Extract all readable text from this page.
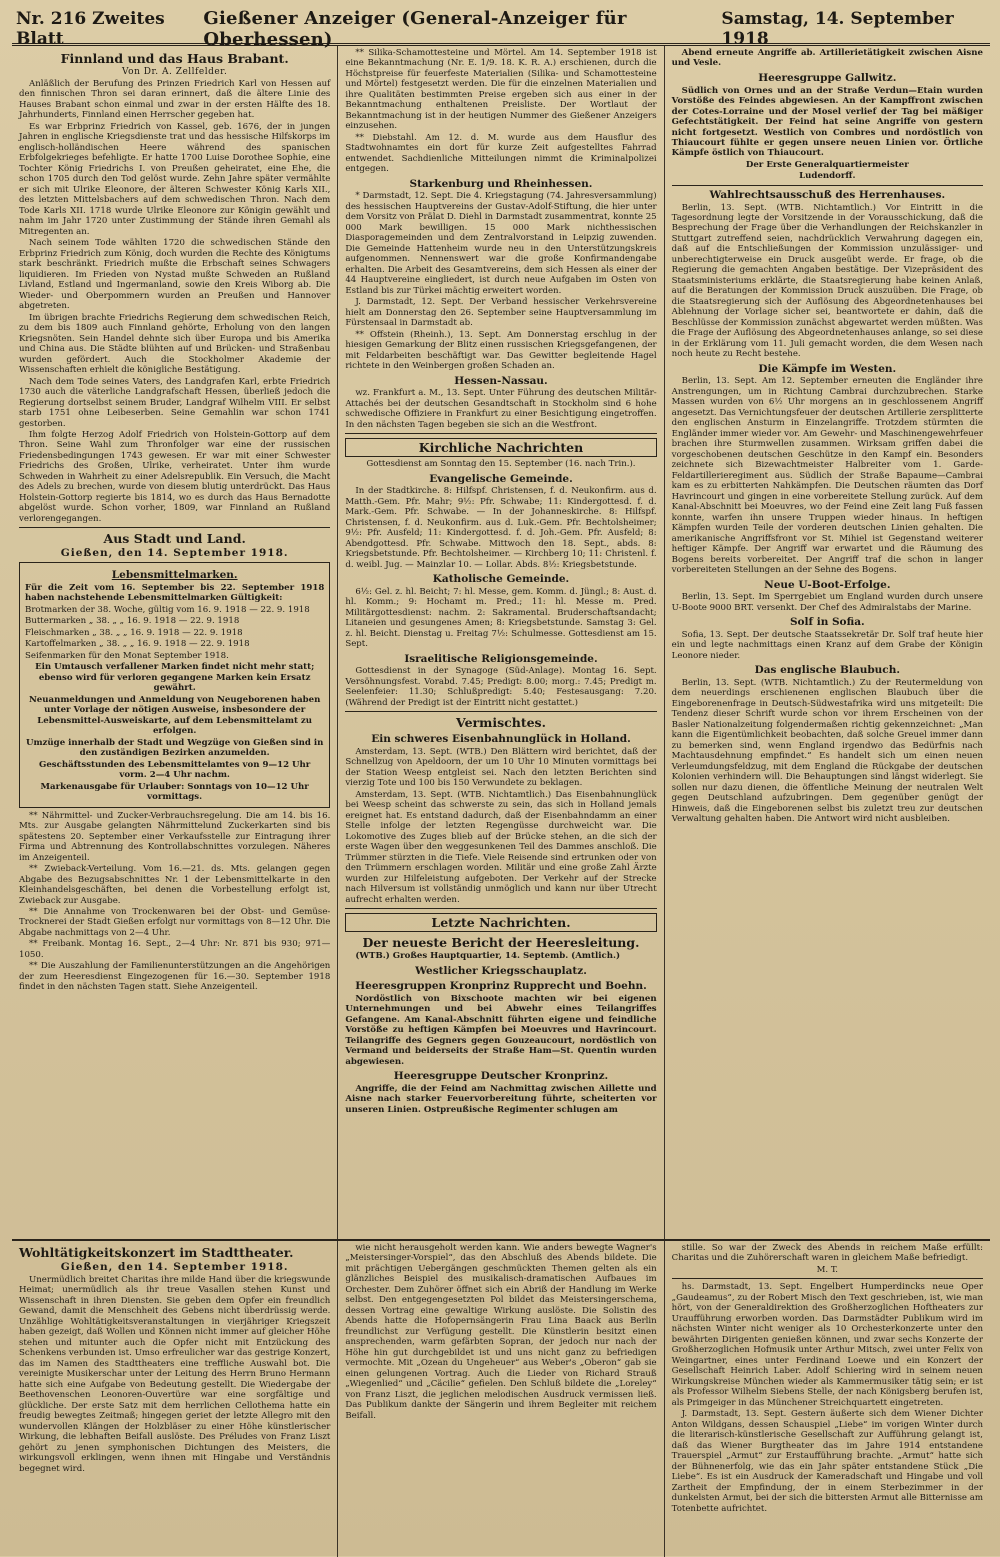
Nr. 216 Zweites Blatt
Gießener Anzeiger (General-Anzeiger für Oberhessen)
Samstag, 14. September 1918
Finnland und das Haus Brabant.
Von Dr. A. Zellfelder.

Anläßlich der Berufung des Prinzen Friedrich Karl von Hessen auf den finnischen Thron sei daran erinnert, daß die ältere Linie des Hauses Brabant schon einmal und zwar in der ersten Hälfte des 18. Jahrhunderts, Finnland einen Herrscher gegeben hat.

Es war Erbprinz Friedrich von Kassel, geb. 1676, der in jungen Jahren in englische Kriegsdienste trat und das hessische Hilfskorps im englisch-holländischen Heere während des spanischen Erbfolgekrieges befehligte. Er hatte 1700 Luise Dorothee Sophie, eine Tochter König Friedrichs I. von Preußen geheiratet, eine Ehe, die schon 1705 durch den Tod gelöst wurde. Zehn Jahre später vermählte er sich mit Ulrike Eleonore, der älteren Schwester König Karls XII., des letzten Mittelsbachers auf dem schwedischen Thron. Nach dem Tode Karls XII. 1718 wurde Ulrike Eleonore zur Königin gewählt und nahm im Jahr 1720 unter Zustimmung der Stände ihren Gemahl als Mitregenten an.

Nach seinem Tode wählten 1720 die schwedischen Stände den Erbprinz Friedrich zum König, doch wurden die Rechte des Königtums stark beschränkt. Friedrich mußte die Erbschaft seines Schwagers liquidieren. Im Frieden von Nystad mußte Schweden an Rußland Livland, Estland und Ingermanland, sowie den Kreis Wiborg ab. Die Wieder- und Oberpommern wurden an Preußen und Hannover abgetreten.

Im übrigen brachte Friedrichs Regierung dem schwedischen Reich, zu dem bis 1809 auch Finnland gehörte, Erholung von den langen Kriegsnöten. Sein Handel dehnte sich über Europa und bis Amerika und China aus. Die Städte blühten auf und Brücken- und Straßenbau wurden gefördert. Auch die Stockholmer Akademie der Wissenschaften erhielt die königliche Bestätigung.

Nach dem Tode seines Vaters, des Landgrafen Karl, erbte Friedrich 1730 auch die väterliche Landgrafschaft Hessen, überließ jedoch die Regierung dortselbst seinem Bruder, Landgraf Wilhelm VIII. Er selbst starb 1751 ohne Leibeserben. Seine Gemahlin war schon 1741 gestorben.

Ihm folgte Herzog Adolf Friedrich von Holstein-Gottorp auf dem Thron. Seine Wahl zum Thronfolger war eine der russischen Friedensbedingungen 1743 gewesen. Er war mit einer Schwester Friedrichs des Großen, Ulrike, verheiratet. Unter ihm wurde Schweden in Wahrheit zu einer Adelsrepublik. Ein Versuch, die Macht des Adels zu brechen, wurde von diesem blutig unterdrückt. Das Haus Holstein-Gottorp regierte bis 1814, wo es durch das Haus Bernadotte abgelöst wurde. Schon vorher, 1809, war Finnland an Rußland verlorengegangen.

Aus Stadt und Land.
Gießen, den 14. September 1918.
Lebensmittelmarken.

Für die Zeit vom 16. September bis 22. September 1918 haben nachstehende Lebensmittelmarken Gültigkeit:

Brotmarken der 38. Woche, gültig vom 16. 9. 1918 — 22. 9. 1918

Buttermarken „ 38. „ „ 16. 9. 1918 — 22. 9. 1918

Fleischmarken „ 38. „ „ 16. 9. 1918 — 22. 9. 1918

Kartoffelmarken „ 38. „ „ 16. 9. 1918 — 22. 9. 1918

Seifenmarken für den Monat September 1918.

Ein Umtausch verfallener Marken findet nicht mehr statt; ebenso wird für verloren gegangene Marken kein Ersatz gewährt.

Neuanmeldungen und Anmeldung von Neugeborenen haben unter Vorlage der nötigen Ausweise, insbesondere der Lebensmittel-Ausweiskarte, auf dem Lebensmittelamt zu erfolgen.

Umzüge innerhalb der Stadt und Wegzüge von Gießen sind in den zuständigen Bezirken anzumelden.

Geschäftsstunden des Lebensmittelamtes von 9—12 Uhr vorm. 2—4 Uhr nachm.

Markenausgabe für Urlauber: Sonntags von 10—12 Uhr vormittags.

** Nährmittel- und Zucker-Verbrauchsregelung. Die am 14. bis 16. Mts. zur Ausgabe gelangten Nährmittelund Zuckerkarten sind bis spätestens 20. September einer Verkaufsstelle zur Eintragung ihrer Firma und Abtrennung des Kontrollabschnittes vorzulegen. Näheres im Anzeigenteil.

** Zwieback-Verteilung. Vom 16.—21. ds. Mts. gelangen gegen Abgabe des Bezugsabschnittes Nr. 1 der Lebensmittelkarte in den Kleinhandelsgeschäften, bei denen die Vorbestellung erfolgt ist, Zwieback zur Ausgabe.

** Die Annahme von Trockenwaren bei der Obst- und Gemüse-Trocknerei der Stadt Gießen erfolgt nur vormittags von 8—12 Uhr. Die Abgabe nachmittags von 2—4 Uhr.

** Freibank. Montag 16. Sept., 2—4 Uhr: Nr. 871 bis 930; 971—1050.

** Die Auszahlung der Familienunterstützungen an die Angehörigen der zum Heeresdienst Eingezogenen für 16.—30. September 1918 findet in den nächsten Tagen statt. Siehe Anzeigenteil.

** Silika-Schamottesteine und Mörtel. Am 14. September 1918 ist eine Bekanntmachung (Nr. E. 1/9. 18. K. R. A.) erschienen, durch die Höchstpreise für feuerfeste Materialien (Silika- und Schamottesteine und Mörtel) festgesetzt werden. Die für die einzelnen Materialien und ihre Qualitäten bestimmten Preise ergeben sich aus einer in der Bekanntmachung enthaltenen Preisliste. Der Wortlaut der Bekanntmachung ist in der heutigen Nummer des Gießener Anzeigers einzusehen.

** Diebstahl. Am 12. d. M. wurde aus dem Hausflur des Stadtwohnamtes ein dort für kurze Zeit aufgestelltes Fahrrad entwendet. Sachdienliche Mitteilungen nimmt die Kriminalpolizei entgegen.

Starkenburg und Rheinhessen.

* Darmstadt, 12. Sept. Die 4. Kriegstagung (74. Jahresversammlung) des hessischen Hauptvereins der Gustav-Adolf-Stiftung, die hier unter dem Vorsitz von Prälat D. Diehl in Darmstadt zusammentrat, konnte 25 000 Mark bewilligen. 15 000 Mark nichthessischen Diasporagemeinden und dem Zentralvorstand in Leipzig zuwenden. Die Gemeinde Hattenheim wurde neu in den Unterstützungskreis aufgenommen. Nennenswert war die große Konfirmandengabe erhalten. Die Arbeit des Gesamtvereins, dem sich Hessen als einer der 44 Hauptvereine eingliedert, ist durch neue Aufgaben im Osten von Estland bis zur Türkei mächtig erweitert worden.

J. Darmstadt, 12. Sept. Der Verband hessischer Verkehrsvereine hielt am Donnerstag den 26. September seine Hauptversammlung im Fürstensaal in Darmstadt ab.

** Offstein (Rheinh.), 13. Sept. Am Donnerstag erschlug in der hiesigen Gemarkung der Blitz einen russischen Kriegsgefangenen, der mit Feldarbeiten beschäftigt war. Das Gewitter begleitende Hagel richtete in den Weinbergen großen Schaden an.

Hessen-Nassau.

wz. Frankfurt a. M., 13. Sept. Unter Führung des deutschen Militär-Attachés bei der deutschen Gesandtschaft in Stockholm sind 6 hohe schwedische Offiziere in Frankfurt zu einer Besichtigung eingetroffen. In den nächsten Tagen begeben sie sich an die Westfront.

Kirchliche Nachrichten

Gottesdienst am Sonntag den 15. September (16. nach Trin.).

Evangelische Gemeinde.

In der Stadtkirche. 8: Hilfspf. Christensen, f. d. Neukonfirm. aus d. Matth.-Gem. Pfr. Mahr; 9½: Pfr. Schwabe; 11: Kindergottesd. f. d. Mark.-Gem. Pfr. Schwabe. — In der Johanneskirche. 8: Hilfspf. Christensen, f. d. Neukonfirm. aus d. Luk.-Gem. Pfr. Bechtolsheimer; 9½: Pfr. Ausfeld; 11: Kindergottesd. f. d. Joh.-Gem. Pfr. Ausfeld; 8: Abendgottesd. Pfr. Schwabe. Mittwoch den 18. Sept., abds. 8: Kriegsbetstunde. Pfr. Bechtolsheimer. — Kirchberg 10; 11: Christenl. f. d. weibl. Jug. — Mainzlar 10. — Lollar. Abds. 8½: Kriegsbetstunde.

Katholische Gemeinde.

6½: Gel. z. hl. Beicht; 7: hl. Messe, gem. Komm. d. Jüngl.; 8: Aust. d. hl. Komm.; 9: Hochamt m. Pred.; 11: hl. Messe m. Pred. Militärgottesdienst: nachm. 2: Sakramental. Bruderschaftsandacht; Litaneien und gesungenes Amen; 8: Kriegsbetstunde. Samstag 3: Gel. z. hl. Beicht. Dienstag u. Freitag 7½: Schulmesse. Gottesdienst am 15. Sept.

Israelitische Religionsgemeinde.

Gottesdienst in der Synagoge (Süd-Anlage). Montag 16. Sept. Versöhnungsfest. Vorabd. 7.45; Predigt: 8.00; morg.: 7.45; Predigt m. Seelenfeier: 11.30; Schlußpredigt: 5.40; Festesausgang: 7.20. (Während der Predigt ist der Eintritt nicht gestattet.)

Vermischtes.
Ein schweres Eisenbahnunglück in Holland.

Amsterdam, 13. Sept. (WTB.) Den Blättern wird berichtet, daß der Schnellzug von Apeldoorn, der um 10 Uhr 10 Minuten vormittags bei der Station Weesp entgleist sei. Nach den letzten Berichten sind vierzig Tote und 100 bis 150 Verwundete zu beklagen.

Amsterdam, 13. Sept. (WTB. Nichtamtlich.) Das Eisenbahnunglück bei Weesp scheint das schwerste zu sein, das sich in Holland jemals ereignet hat. Es entstand dadurch, daß der Eisenbahndamm an einer Stelle infolge der letzten Regengüsse durchweicht war. Die Lokomotive des Zuges blieb auf der Brücke stehen, an die sich der erste Wagen über den weggesunkenen Teil des Dammes anschloß. Die Trümmer stürzten in die Tiefe. Viele Reisende sind ertrunken oder von den Trümmern erschlagen worden. Militär und eine große Zahl Ärzte wurden zur Hilfeleistung aufgeboten. Der Verkehr auf der Strecke nach Hilversum ist vollständig unmöglich und kann nur über Utrecht aufrecht erhalten werden.

Letzte Nachrichten.
Der neueste Bericht der Heeresleitung.

(WTB.) Großes Hauptquartier, 14. Septemb. (Amtlich.)

Westlicher Kriegsschauplatz.
Heeresgruppen Kronprinz Rupprecht und Boehn.

Nordöstlich von Bixschoote machten wir bei eigenen Unternehmungen und bei Abwehr eines Teilangriffes Gefangene. Am Kanal-Abschnitt führten eigene und feindliche Vorstöße zu heftigen Kämpfen bei Moeuvres und Havrincourt. Teilangriffe des Gegners gegen Gouzeaucourt, nordöstlich von Vermand und beiderseits der Straße Ham—St. Quentin wurden abgewiesen.

Heeresgruppe Deutscher Kronprinz.

Angriffe, die der Feind am Nachmittag zwischen Aillette und Aisne nach starker Feuervorbereitung führte, scheiterten vor unseren Linien. Ostpreußische Regimenter schlugen am

Abend erneute Angriffe ab. Artillerietätigkeit zwischen Aisne und Vesle.

Heeresgruppe Gallwitz.

Südlich von Ornes und an der Straße Verdun—Etain wurden Vorstöße des Feindes abgewiesen. An der Kampffront zwischen der Cotes-Lorraine und der Mosel verlief der Tag bei mäßiger Gefechtstätigkeit. Der Feind hat seine Angriffe von gestern nicht fortgesetzt. Westlich von Combres und nordöstlich von Thiaucourt fühlte er gegen unsere neuen Linien vor. Örtliche Kämpfe östlich von Thiaucourt.

Der Erste Generalquartiermeister

Ludendorff.

Wahlrechtsausschuß des Herrenhauses.

Berlin, 13. Sept. (WTB. Nichtamtlich.) Vor Eintritt in die Tagesordnung legte der Vorsitzende in der Vorausschickung, daß die Besprechung der Frage über die Verhandlungen der Reichskanzler in Stuttgart zutreffend seien, nachdrücklich Verwahrung dagegen ein, daß auf die Entschließungen der Kommission unzulässiger- und unberechtigterweise ein Druck ausgeübt werde. Er frage, ob die Regierung die gemachten Angaben bestätige. Der Vizepräsident des Staatsministeriums erklärte, die Staatsregierung habe keinen Anlaß, auf die Beratungen der Kommission Druck auszuüben. Die Frage, ob die Staatsregierung sich der Auflösung des Abgeordnetenhauses bei Ablehnung der Vorlage sicher sei, beantwortete er dahin, daß die Beschlüsse der Kommission zunächst abgewartet werden müßten. Was die Frage der Auflösung des Abgeordnetenhauses anlange, so sei diese in der Erklärung vom 11. Juli gemacht worden, die dem Wesen nach noch heute zu Recht bestehe.

Die Kämpfe im Westen.

Berlin, 13. Sept. Am 12. September erneuten die Engländer ihre Anstrengungen, um in Richtung Cambrai durchzubrechen. Starke Massen wurden von 6½ Uhr morgens an in geschlossenem Angriff angesetzt. Das Vernichtungsfeuer der deutschen Artillerie zersplitterte den englischen Ansturm in Einzelangriffe. Trotzdem stürmten die Engländer immer wieder vor. Am Gewehr- und Maschinengewehrfeuer brachen ihre Sturmwellen zusammen. Wirksam griffen dabei die vorgeschobenen deutschen Geschütze in den Kampf ein. Besonders zeichnete sich Bizewachtmeister Halbreiter vom 1. Garde-Feldartillerieregiment aus. Südlich der Straße Bapaume—Cambrai kam es zu erbitterten Nahkämpfen. Die Deutschen räumten das Dorf Havrincourt und gingen in eine vorbereitete Stellung zurück. Auf dem Kanal-Abschnitt bei Moeuvres, wo der Feind eine Zeit lang Fuß fassen konnte, warfen ihn unsere Truppen wieder hinaus. In heftigen Kämpfen wurden Teile der vorderen deutschen Linien gehalten. Die amerikanische Angriffsfront vor St. Mihiel ist Gegenstand weiterer heftiger Kämpfe. Der Angriff war erwartet und die Räumung des Bogens bereits vorbereitet. Der Angriff traf die schon in langer vorbereiteten Stellungen an der Sehne des Bogens.

Neue U-Boot-Erfolge.

Berlin, 13. Sept. Im Sperrgebiet um England wurden durch unsere U-Boote 9000 BRT. versenkt. Der Chef des Admiralstabs der Marine.

Solf in Sofia.

Sofia, 13. Sept. Der deutsche Staatssekretär Dr. Solf traf heute hier ein und legte nachmittags einen Kranz auf dem Grabe der Königin Leonore nieder.

Das englische Blaubuch.

Berlin, 13. Sept. (WTB. Nichtamtlich.) Zu der Reutermeldung von dem neuerdings erschienenen englischen Blaubuch über die Eingeborenenfrage in Deutsch-Südwestafrika wird uns mitgeteilt: Die Tendenz dieser Schrift wurde schon vor ihrem Erscheinen von der Basler Nationalzeitung folgendermaßen richtig gekennzeichnet: „Man kann die Eigentümlichkeit beobachten, daß solche Greuel immer dann zu bemerken sind, wenn England irgendwo das Bedürfnis nach Machtausdehnung empfindet.“ Es handelt sich um einen neuen Verleumdungsfeldzug, mit dem England die Rückgabe der deutschen Kolonien verhindern will. Die Behauptungen sind längst widerlegt. Sie sollen nur dazu dienen, die öffentliche Meinung der neutralen Welt gegen Deutschland aufzubringen. Dem gegenüber genügt der Hinweis, daß die Eingeborenen selbst bis zuletzt treu zur deutschen Verwaltung gehalten haben. Die Antwort wird nicht ausbleiben.

Wohltätigkeitskonzert im Stadttheater.
Gießen, den 14. September 1918.

Unermüdlich breitet Charitas ihre milde Hand über die kriegswunde Heimat; unermüdlich als ihr treue Vasallen stehen Kunst und Wissenschaft in ihren Diensten. Sie geben dem Opfer ein freundlich Gewand, damit die Menschheit des Gebens nicht überdrüssig werde. Unzählige Wohltätigkeitsveranstaltungen in vierjähriger Kriegszeit haben gezeigt, daß Wollen und Können nicht immer auf gleicher Höhe stehen und mitunter auch die Opfer nicht mit Entzückung des Schenkens verbunden ist. Umso erfreulicher war das gestrige Konzert, das im Namen des Stadttheaters eine treffliche Auswahl bot. Die vereinigte Musikerschar unter der Leitung des Herrn Bruno Hermann hatte sich eine Aufgabe von Bedeutung gestellt. Die Wiedergabe der Beethovenschen Leonoren-Ouvertüre war eine sorgfältige und glückliche. Der erste Satz mit dem herrlichen Cellothema hatte ein freudig bewegtes Zeitmaß; hingegen geriet der letzte Allegro mit den wundervollen Klängen der Holzbläser zu einer Höhe künstlerischer Wirkung, die lebhaften Beifall auslöste. Des Préludes von Franz Liszt gehört zu jenen symphonischen Dichtungen des Meisters, die wirkungsvoll erklingen, wenn ihnen mit Hingabe und Verständnis begegnet wird.

wie nicht herausgeholt werden kann. Wie anders bewegte Wagner's „Meistersinger-Vorspiel“, das den Abschluß des Abends bildete. Die mit prächtigen Uebergängen geschmückten Themen gelten als ein glänzliches Beispiel des musikalisch-dramatischen Aufbaues im Orchester. Dem Zuhörer öffnet sich ein Abriß der Handlung im Werke selbst. Den entgegengesetzten Pol bildet das Meistersingerschema, dessen Vortrag eine gewaltige Wirkung auslöste. Die Solistin des Abends hatte die Hofopernsängerin Frau Lina Baack aus Berlin freundlichst zur Verfügung gestellt. Die Künstlerin besitzt einen ansprechenden, warm gefärbten Sopran, der jedoch nur nach der Höhe hin gut durchgebildet ist und uns nicht ganz zu befriedigen vermochte. Mit „Ozean du Ungeheuer“ aus Weber's „Oberon“ gab sie einen gelungenen Vortrag. Auch die Lieder von Richard Strauß „Wiegenlied“ und „Cäcilie“ gefielen. Den Schluß bildete die „Loreley“ von Franz Liszt, die jeglichen melodischen Ausdruck vermissen ließ. Das Publikum dankte der Sängerin und ihrem Begleiter mit reichem Beifall.

stille. So war der Zweck des Abends in reichem Maße erfüllt: Charitas und die Zuhörerschaft waren in gleichem Maße befriedigt.

M. T.

hs. Darmstadt, 13. Sept. Engelbert Humperdincks neue Oper „Gaudeamus“, zu der Robert Misch den Text geschrieben, ist, wie man hört, von der Generaldirektion des Großherzoglichen Hoftheaters zur Uraufführung erworben worden. Das Darmstädter Publikum wird im nächsten Winter nicht weniger als 10 Orchesterkonzerte unter den bewährten Dirigenten genießen können, und zwar sechs Konzerte der Großherzoglichen Hofmusik unter Arthur Mitsch, zwei unter Felix von Weingartner, eines unter Ferdinand Loewe und ein Konzert der Gesellschaft Heinrich Laber. Adolf Schiering wird in seinem neuen Wirkungskreise München wieder als Kammermusiker tätig sein; er ist als Professor Wilhelm Siebens Stelle, der nach Königsberg berufen ist, als Primgeiger in das Münchener Streichquartett eingetreten.

J. Darmstadt, 13. Sept. Gestern äußerte sich dem Wiener Dichter Anton Wildgans, dessen Schauspiel „Liebe“ im vorigen Winter durch die literarisch-künstlerische Gesellschaft zur Aufführung gelangt ist, daß das Wiener Burgtheater das im Jahre 1914 entstandene Trauerspiel „Armut“ zur Erstaufführung brachte. „Armut“ hatte sich der Bühnenerfolg, wie das ein Jahr später entstandene Stück „Die Liebe“. Es ist ein Ausdruck der Kameradschaft und Hingabe und voll Zartheit der Empfindung, der in einem Sterbezimmer in der dunkelsten Armut, bei der sich die bittersten Armut alle Bitternisse am Totenbette aufrichtet.
